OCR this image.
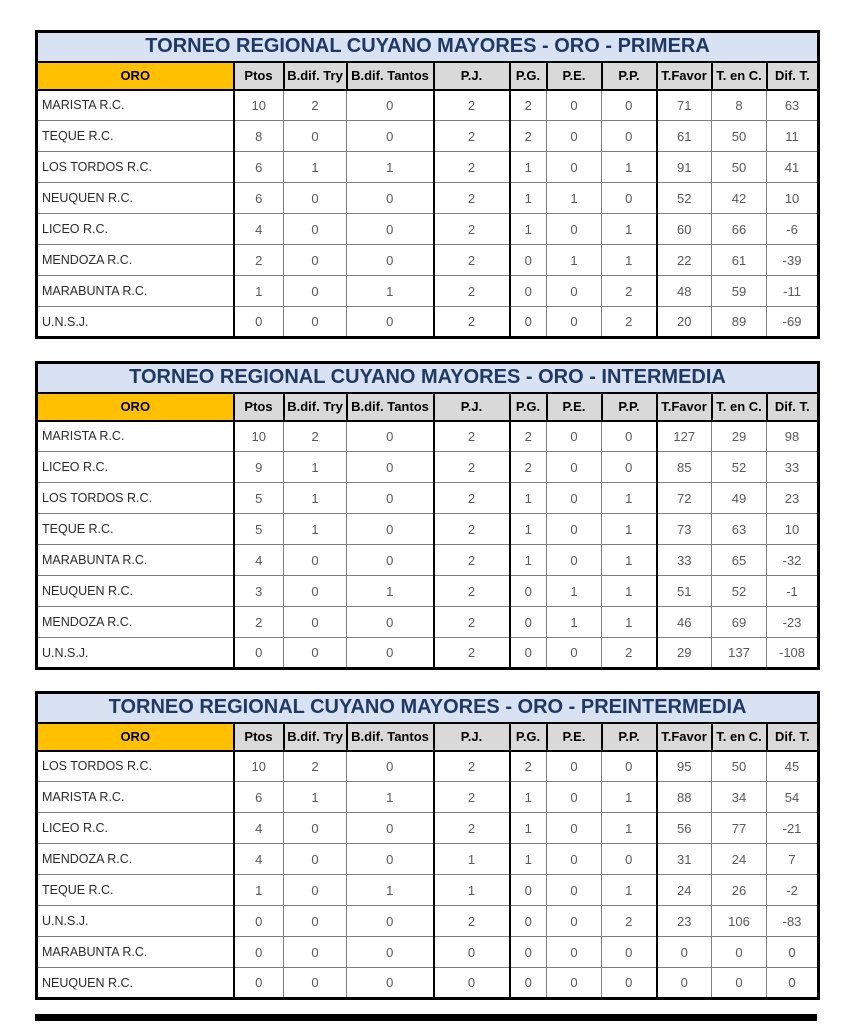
TORNEO REGIONAL CUYANO MAYORES - ORO - PRIMERA										
ORO	Ptos	B.dif. Try	B.dif. Tantos	P.J.	P.G.	P.E.	P.P.	T.Favor	T. en C.	Dif. T.
MARISTA R.C.	10	2	0	2	2	0	0	71	8	63
TEQUE R.C.	8	0	0	2	2	0	0	61	50	11
LOS TORDOS R.C.	6	1	1	2	1	0	1	91	50	41
NEUQUEN R.C.	6	0	0	2	1	1	0	52	42	10
LICEO R.C.	4	0	0	2	1	0	1	60	66	-6
MENDOZA R.C.	2	0	0	2	0	1	1	22	61	-39
MARABUNTA R.C.	1	0	1	2	0	0	2	48	59	-11
U.N.S.J.	0	0	0	2	0	0	2	20	89	-69
TORNEO REGIONAL CUYANO MAYORES - ORO - INTERMEDIA										
ORO	Ptos	B.dif. Try	B.dif. Tantos	P.J.	P.G.	P.E.	P.P.	T.Favor	T. en C.	Dif. T.
MARISTA R.C.	10	2	0	2	2	0	0	127	29	98
LICEO R.C.	9	1	0	2	2	0	0	85	52	33
LOS TORDOS R.C.	5	1	0	2	1	0	1	72	49	23
TEQUE R.C.	5	1	0	2	1	0	1	73	63	10
MARABUNTA R.C.	4	0	0	2	1	0	1	33	65	-32
NEUQUEN R.C.	3	0	1	2	0	1	1	51	52	-1
MENDOZA R.C.	2	0	0	2	0	1	1	46	69	-23
U.N.S.J.	0	0	0	2	0	0	2	29	137	-108
TORNEO REGIONAL CUYANO MAYORES - ORO - PREINTERMEDIA										
ORO	Ptos	B.dif. Try	B.dif. Tantos	P.J.	P.G.	P.E.	P.P.	T.Favor	T. en C.	Dif. T.
LOS TORDOS R.C.	10	2	0	2	2	0	0	95	50	45
MARISTA R.C.	6	1	1	2	1	0	1	88	34	54
LICEO R.C.	4	0	0	2	1	0	1	56	77	-21
MENDOZA R.C.	4	0	0	1	1	0	0	31	24	7
TEQUE R.C.	1	0	1	1	0	0	1	24	26	-2
U.N.S.J.	0	0	0	2	0	0	2	23	106	-83
MARABUNTA R.C.	0	0	0	0	0	0	0	0	0	0
NEUQUEN R.C.	0	0	0	0	0	0	0	0	0	0
